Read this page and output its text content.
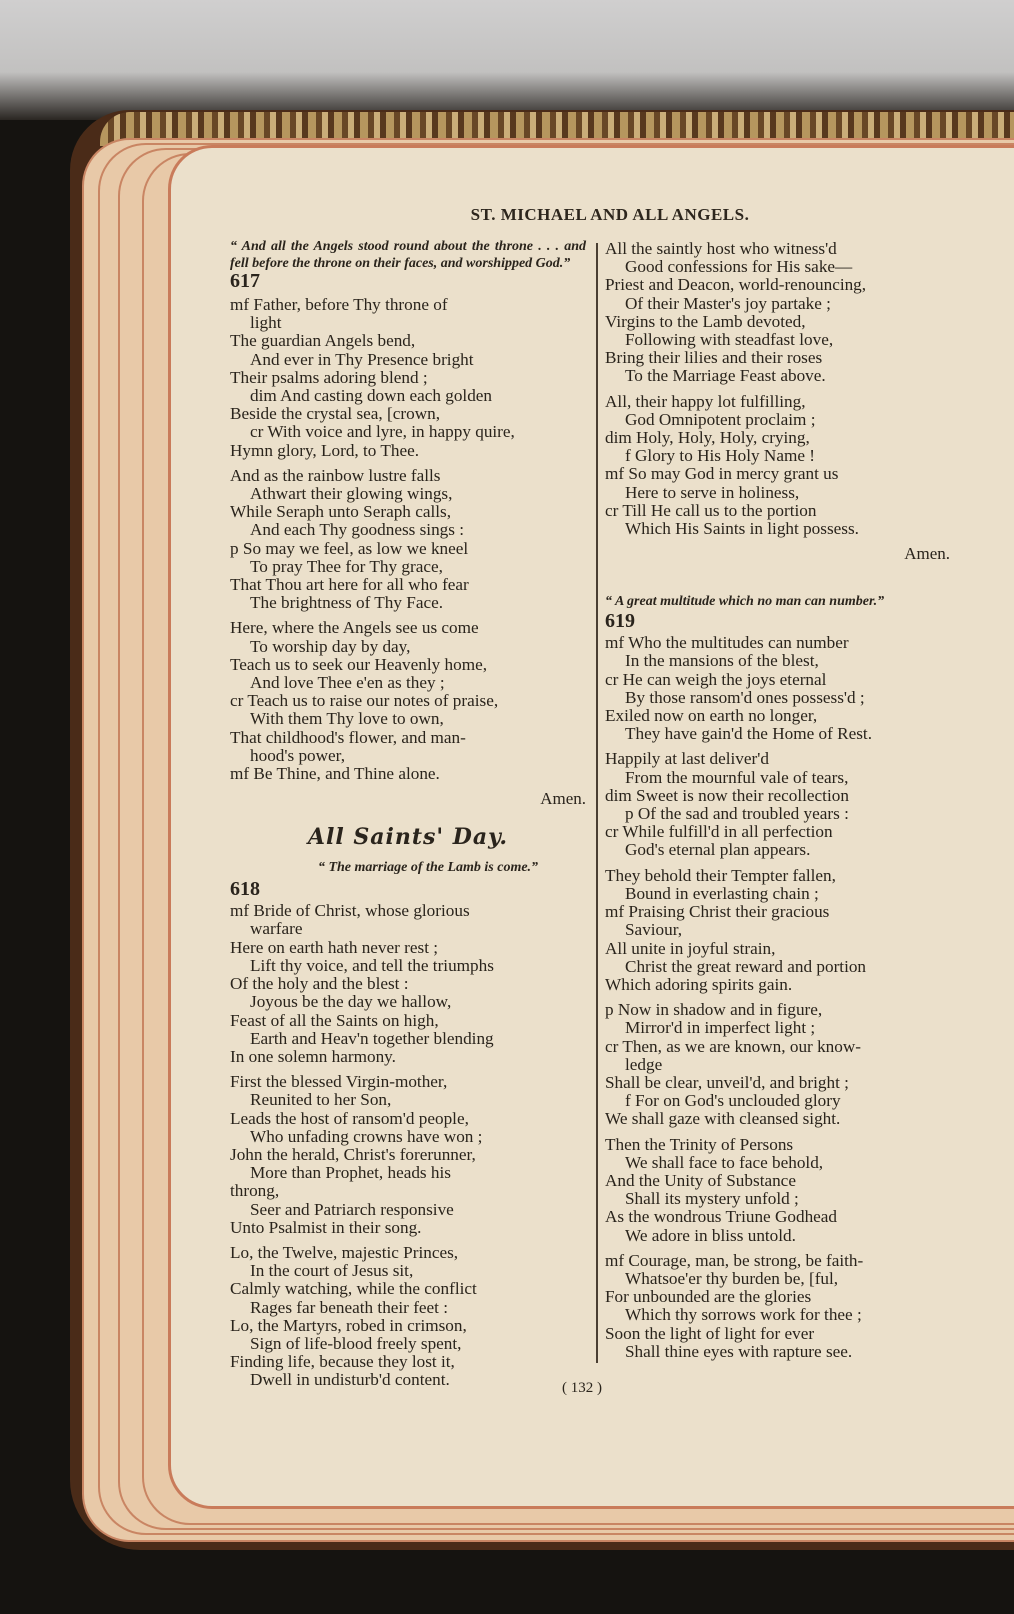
ST. MICHAEL AND ALL ANGELS.
“ And all the Angels stood round about the throne . . . and fell before the throne on their faces, and worshipped God.”
617
mf Father, before Thy throne of
light
The guardian Angels bend,
And ever in Thy Presence bright
Their psalms adoring blend ;
dim And casting down each golden
Beside the crystal sea, [crown,
cr With voice and lyre, in happy quire,
Hymn glory, Lord, to Thee.
And as the rainbow lustre falls
Athwart their glowing wings,
While Seraph unto Seraph calls,
And each Thy goodness sings :
p So may we feel, as low we kneel
To pray Thee for Thy grace,
That Thou art here for all who fear
The brightness of Thy Face.
Here, where the Angels see us come
To worship day by day,
Teach us to seek our Heavenly home,
And love Thee e'en as they ;
cr Teach us to raise our notes of praise,
With them Thy love to own,
That childhood's flower, and man-
hood's power,
mf Be Thine, and Thine alone.
Amen.
All Saints' Day.
“ The marriage of the Lamb is come.”
618
mf Bride of Christ, whose glorious
warfare
Here on earth hath never rest ;
Lift thy voice, and tell the triumphs
Of the holy and the blest :
Joyous be the day we hallow,
Feast of all the Saints on high,
Earth and Heav'n together blending
In one solemn harmony.
First the blessed Virgin-mother,
Reunited to her Son,
Leads the host of ransom'd people,
Who unfading crowns have won ;
John the herald, Christ's forerunner,
More than Prophet, heads his
throng,
Seer and Patriarch responsive
Unto Psalmist in their song.
Lo, the Twelve, majestic Princes,
In the court of Jesus sit,
Calmly watching, while the conflict
Rages far beneath their feet :
Lo, the Martyrs, robed in crimson,
Sign of life-blood freely spent,
Finding life, because they lost it,
Dwell in undisturb'd content.
All the saintly host who witness'd
Good confessions for His sake—
Priest and Deacon, world-renouncing,
Of their Master's joy partake ;
Virgins to the Lamb devoted,
Following with steadfast love,
Bring their lilies and their roses
To the Marriage Feast above.
All, their happy lot fulfilling,
God Omnipotent proclaim ;
dim Holy, Holy, Holy, crying,
f Glory to His Holy Name !
mf So may God in mercy grant us
Here to serve in holiness,
cr Till He call us to the portion
Which His Saints in light possess.
Amen.
“ A great multitude which no man can number.”
619
mf Who the multitudes can number
In the mansions of the blest,
cr He can weigh the joys eternal
By those ransom'd ones possess'd ;
Exiled now on earth no longer,
They have gain'd the Home of Rest.
Happily at last deliver'd
From the mournful vale of tears,
dim Sweet is now their recollection
p Of the sad and troubled years :
cr While fulfill'd in all perfection
God's eternal plan appears.
They behold their Tempter fallen,
Bound in everlasting chain ;
mf Praising Christ their gracious
Saviour,
All unite in joyful strain,
Christ the great reward and portion
Which adoring spirits gain.
p Now in shadow and in figure,
Mirror'd in imperfect light ;
cr Then, as we are known, our know-
ledge
Shall be clear, unveil'd, and bright ;
f For on God's unclouded glory
We shall gaze with cleansed sight.
Then the Trinity of Persons
We shall face to face behold,
And the Unity of Substance
Shall its mystery unfold ;
As the wondrous Triune Godhead
We adore in bliss untold.
mf Courage, man, be strong, be faith-
Whatsoe'er thy burden be, [ful,
For unbounded are the glories
Which thy sorrows work for thee ;
Soon the light of light for ever
Shall thine eyes with rapture see.
( 132 )
